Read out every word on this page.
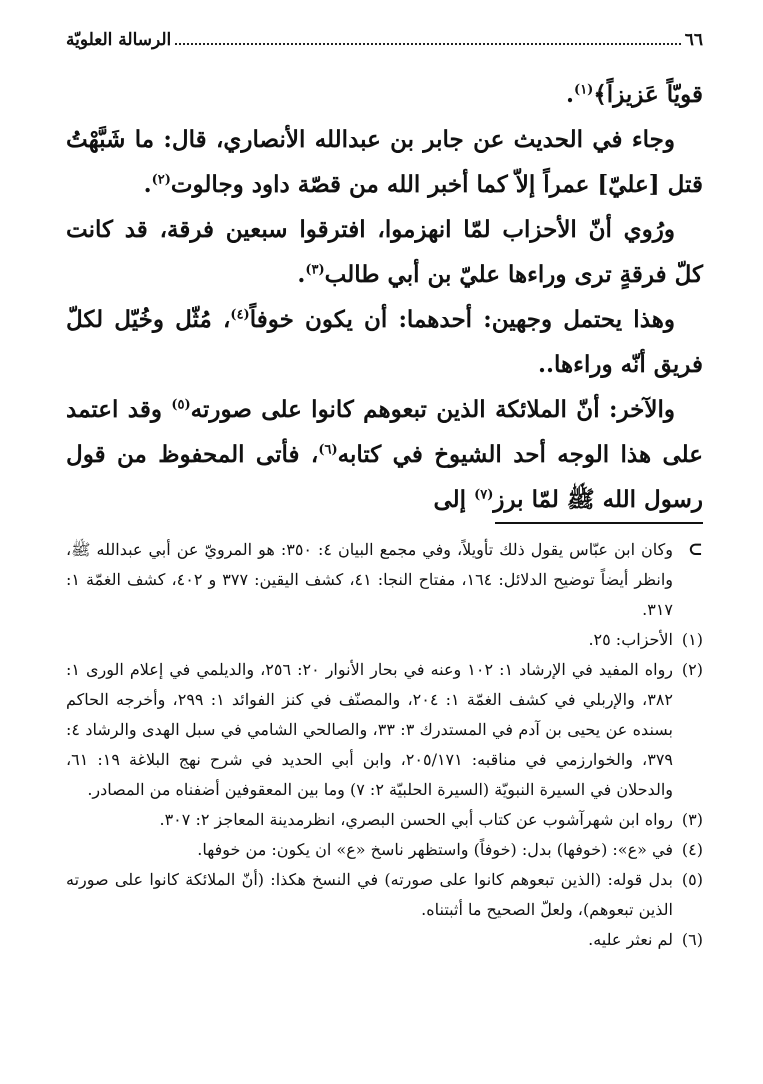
٦٦
الرسالة العلويّة

قويّاً عَزيزاً﴾$^{(١)}$.

وجاء في الحديث عن جابر بن عبدالله الأنصاري، قال: ما شَبَّهْتُ قتل [عليّ] عمراً إلاّ كما أخبر الله من قصّة داود وجالوت$^{(٢)}$.

ورُوي أنّ الأحزاب لمّا انهزموا، افترقوا سبعين فرقة، قد كانت كلّ فرقةٍ ترى وراءها عليّ بن أبي طالب$^{(٣)}$.

وهذا يحتمل وجهين: أحدهما: أن يكون خوفاً$^{(٤)}$، مُثّل وخُيّل لكلّ فريق أنّه وراءها..

والآخر: أنّ الملائكة الذين تبعوهم كانوا على صورته$^{(٥)}$ وقد اعتمد على هذا الوجه أحد الشيوخ في كتابه$^{(٦)}$، فأتى المحفوظ من قول رسول الله ﷺ لمّا برز$^{(٧)}$ إلى

⊃
وكان ابن عبّاس يقول ذلك تأويلاً، وفي مجمع البيان ٤: ٣٥٠: هو المرويّ عن أبي عبدالله ﷺ، وانظر أيضاً توضيح الدلائل: ١٦٤، مفتاح النجا: ٤١، كشف اليقين: ٣٧٧ و ٤٠٢، كشف الغمّة ١: ٣١٧.
(١)
الأحزاب: ٢٥.
(٢)
رواه المفيد في الإرشاد ١: ١٠٢ وعنه في بحار الأنوار ٢٠: ٢٥٦، والديلمي في إعلام الورى ١: ٣٨٢، والإربلي في كشف الغمّة ١: ٢٠٤، والمصنّف في كنز الفوائد ١: ٢٩٩، وأخرجه الحاكم بسنده عن يحيى بن آدم في المستدرك ٣: ٣٣، والصالحي الشامي في سبل الهدى والرشاد ٤: ٣٧٩، والخوارزمي في مناقبه: ٢٠٥/١٧١، وابن أبي الحديد في شرح نهج البلاغة ١٩: ٦١، والدحلان في السيرة النبويّة (السيرة الحلبيّة ٢: ٧) وما بين المعقوفين أضفناه من المصادر.
(٣)
رواه ابن شهرآشوب عن كتاب أبي الحسن البصري، انظرمدينة المعاجز ٢: ٣٠٧.
(٤)
في «ع»: (خوفها) بدل: (خوفاً) واستظهر ناسخ «ع» ان يكون: من خوفها.
(٥)
بدل قوله: (الذين تبعوهم كانوا على صورته) في النسخ هكذا: (أنّ الملائكة كانوا على صورته الذين تبعوهم)، ولعلّ الصحيح ما أثبتناه.
(٦)
لم نعثر عليه.
